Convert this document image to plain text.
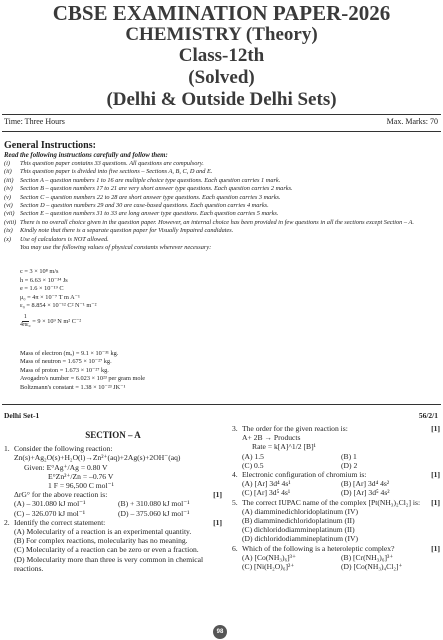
CBSE EXAMINATION PAPER-2026
CHEMISTRY (Theory)
Class-12th
(Solved)
(Delhi & Outside Delhi Sets)
Time: Three Hours	Max. Marks: 70
General Instructions:
Read the following instructions carefully and follow them:
(i)	This question paper contains 33 questions. All questions are compulsory.
(ii)	This question paper is divided into five sections – Sections A, B, C, D and E.
(iii)	Section A – question numbers 1 to 16 are multiple choice type questions. Each question carries 1 mark.
(iv)	Section B – question numbers 17 to 21 are very short answer type questions. Each question carries 2 marks.
(v)	Section C – question numbers 22 to 28 are short answer type questions. Each question carries 3 marks.
(vi)	Section D – question numbers 29 and 30 are case-based questions. Each question carries 4 marks.
(vii) Section E – question numbers 31 to 33 are long answer type questions. Each question carries 5 marks.
(viii) There is no overall choice given in the question paper. However, an internal choice has been provided in few questions in all the sections except Section – A.
(ix)	Kindly note that there is a separate question paper for Visually Impaired candidates.
(x)	Use of calculators is NOT allowed.
You may use the following values of physical constants wherever necessary:
c = 3 × 10⁸ m/s
h = 6.63 × 10⁻³⁴ Js
e = 1.6 × 10⁻¹⁹ C
μ₀ = 4π × 10⁻⁷ T m A⁻¹
ε₀ = 8.854 × 10⁻¹² C² N⁻¹ m⁻²
$\frac{1}{\text{4πε₀}} = 9 \times 10^9$ N m² C⁻²
Mass of electron (mₑ) = 9.1 × 10⁻³¹ kg.
Mass of neutron = 1.675 × 10⁻²⁷ kg.
Mass of proton = 1.673 × 10⁻²⁷ kg.
Avogadro's number = 6.023 × 10²³ per gram mole
Boltzmann's constant = 1.38 × 10⁻²³ JK⁻¹
Delhi Set-1	56/2/1
SECTION – A
1. Consider the following reaction:
Zn(s)+Ag₂O(s)+H₂O(l)→Zn²⁺(aq)+2Ag(s)+2OH⁻(aq)
Given: E°Ag⁺/Ag = 0.80 V
E°Zn²⁺/Zn = –0.76 V
1 F = 96,500 C mol⁻¹
[1]
ΔrG° for the above reaction is:
(A) – 301.080 kJ mol⁻¹	(B) + 310.080 kJ mol⁻¹
(C) – 326.070 kJ mol⁻¹	(D) – 375.060 kJ mol⁻¹
2.	[1]
Identify the correct statement:
(A) Molecularity of a reaction is an experimental quantity.
(B) For complex reactions, molecularity has no meaning.
(C) Molecularity of a reaction can be zero or even a fraction.
(D) Molecularity more than three is very common in chemical reactions.
3.	[1]
The order for the given reaction is:
A+ 2B → Products
Rate = k[A]^1/2 [B]¹
(A) 1.5	(B) 1
(C) 0.5	(D) 2
4.	[1]
Electronic configuration of chromium is:
(A) [Ar] 3d⁴ 4s¹	(B) [Ar] 3d⁴ 4s²
(C) [Ar] 3d⁵ 4s¹	(D) [Ar] 3d⁵ 4s²
5.	[1]
The correct IUPAC name of the complex [Pt(NH₃)₂Cl₂] is:
(A) diamminedichloridoplatinum (IV)
(B) diamminedichloridoplatinum (II)
(C) dichloridodiammineplatinum (II)
(D) dichloridodiammineplatinum (IV)
6. Which of the following is a heteroleptic complex?	[1]
(A) [Co(NH₃)₆]³⁺	(B) [Cr(NH₃)₆]³⁺
(C) [Ni(H₂O)₆]²⁺	(D) [Co(NH₃)₄Cl₂]⁺
98
